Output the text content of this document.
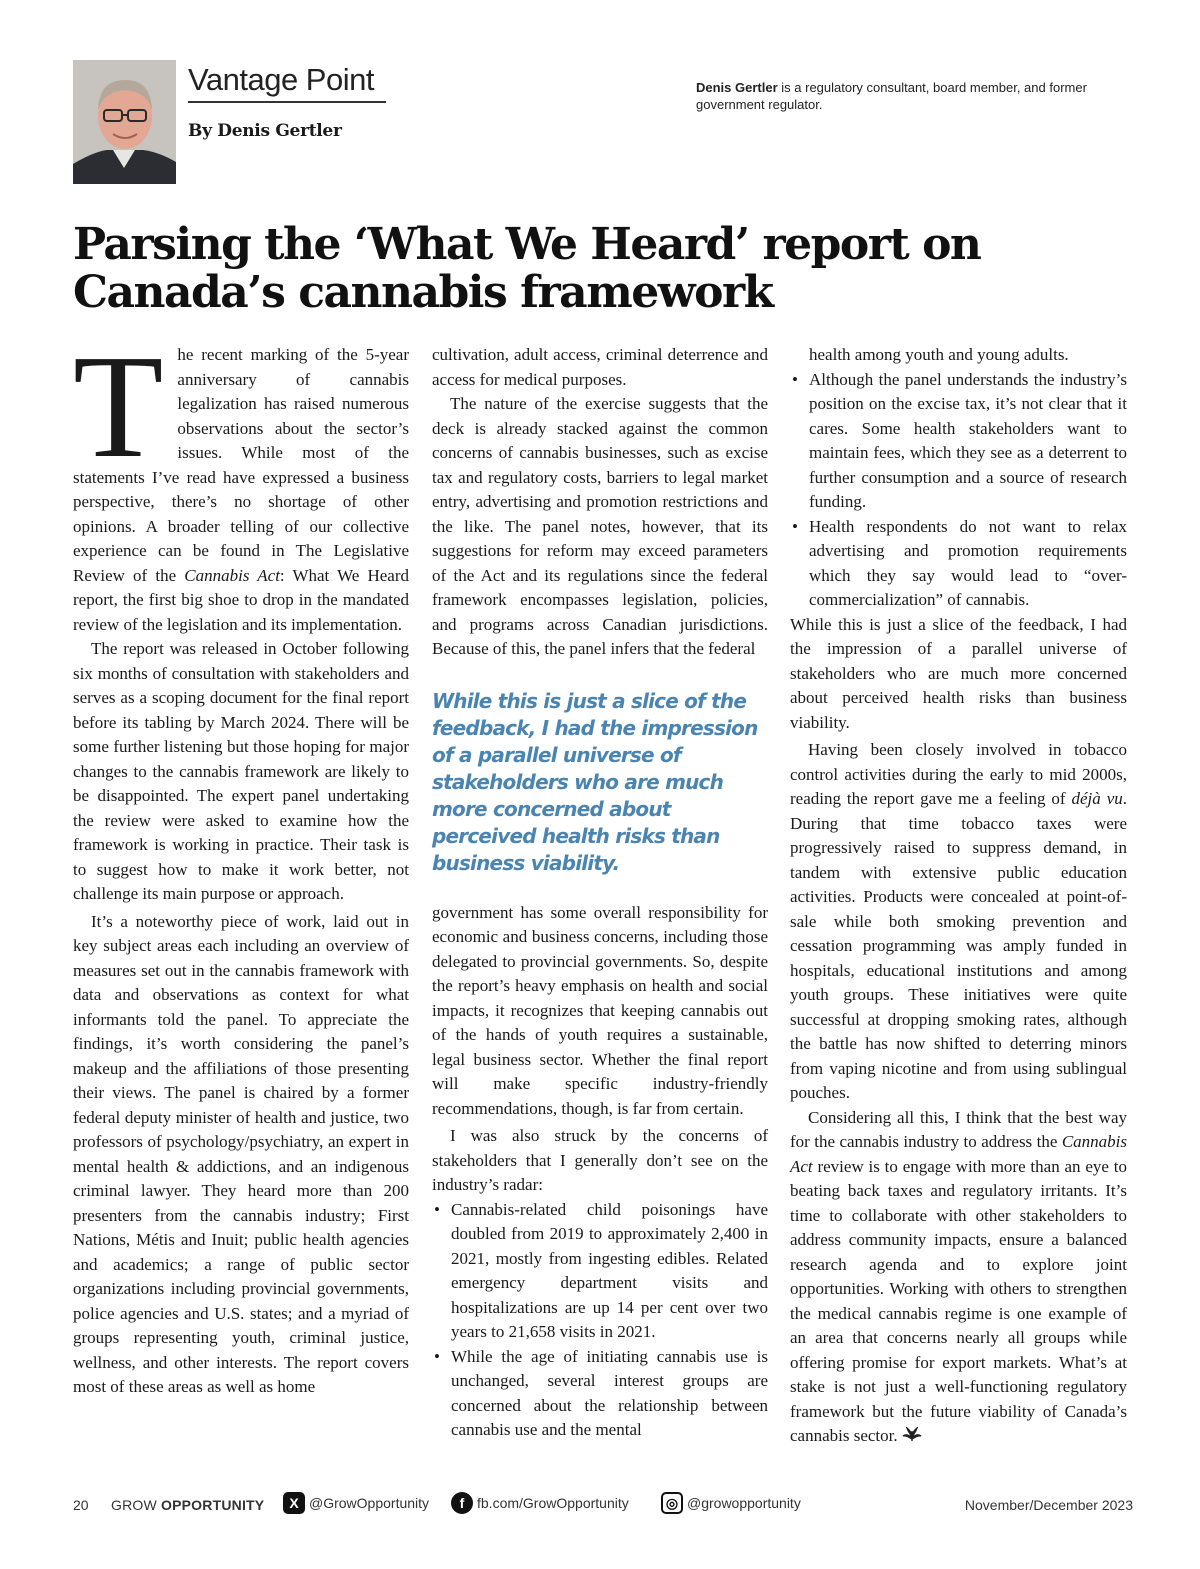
Vantage Point
By Denis Gertler
Denis Gertler is a regulatory consultant, board member, and former government regulator.
Parsing the ‘What We Heard’ report on
Canada’s cannabis framework

The recent marking of the 5-year anniversary of cannabis legalization has raised numerous observations about the sector’s issues. While most of the statements I’ve read have expressed a business perspective, there’s no shortage of other opinions. A broader telling of our collective experience can be found in The Legislative Review of the Cannabis Act: What We Heard report, the first big shoe to drop in the mandated review of the legislation and its implementation.

The report was released in October following six months of consultation with stakeholders and serves as a scoping document for the final report before its tabling by March 2024. There will be some further listening but those hoping for major changes to the cannabis framework are likely to be disappointed. The expert panel undertaking the review were asked to examine how the framework is working in practice. Their task is to suggest how to make it work better, not challenge its main purpose or approach.

It’s a noteworthy piece of work, laid out in key subject areas each including an overview of measures set out in the cannabis framework with data and observations as context for what informants told the panel. To appreciate the findings, it’s worth considering the panel’s makeup and the affiliations of those presenting their views. The panel is chaired by a former federal deputy minister of health and justice, two professors of psychology/psychiatry, an expert in mental health & addictions, and an indigenous criminal lawyer. They heard more than 200 presenters from the cannabis industry; First Nations, Métis and Inuit; public health agencies and academics; a range of public sector organizations including provincial governments, police agencies and U.S. states; and a myriad of groups representing youth, criminal justice, wellness, and other interests. The report covers most of these areas as well as home

cultivation, adult access, criminal deterrence and access for medical purposes.

The nature of the exercise suggests that the deck is already stacked against the common concerns of cannabis businesses, such as excise tax and regulatory costs, barriers to legal market entry, advertising and promotion restrictions and the like. The panel notes, however, that its suggestions for reform may exceed parameters of the Act and its regulations since the federal framework encompasses legislation, policies, and programs across Canadian jurisdictions. Because of this, the panel infers that the federal

While this is just a slice of the feedback, I had the impression of a parallel universe of stakeholders who are much more concerned about perceived health risks than business viability.

government has some overall responsibility for economic and business concerns, including those delegated to provincial governments. So, despite the report’s heavy emphasis on health and social impacts, it recognizes that keeping cannabis out of the hands of youth requires a sustainable, legal business sector. Whether the final report will make specific industry-friendly recommendations, though, is far from certain.

I was also struck by the concerns of stakeholders that I generally don’t see on the industry’s radar:

• Cannabis-related child poisonings have doubled from 2019 to approximately 2,400 in 2021, mostly from ingesting edibles. Related emergency department visits and hospitalizations are up 14 per cent over two years to 21,658 visits in 2021.
• While the age of initiating cannabis use is unchanged, several interest groups are concerned about the relationship between cannabis use and the mental
health among youth and young adults.
• Although the panel understands the industry’s position on the excise tax, it’s not clear that it cares. Some health stakeholders want to maintain fees, which they see as a deterrent to further consumption and a source of research funding.
• Health respondents do not want to relax advertising and promotion requirements which they say would lead to “over-commercialization” of cannabis.

While this is just a slice of the feedback, I had the impression of a parallel universe of stakeholders who are much more concerned about perceived health risks than business viability.

Having been closely involved in tobacco control activities during the early to mid 2000s, reading the report gave me a feeling of déjà vu. During that time tobacco taxes were progressively raised to suppress demand, in tandem with extensive public education activities. Products were concealed at point-of-sale while both smoking prevention and cessation programming was amply funded in hospitals, educational institutions and among youth groups. These initiatives were quite successful at dropping smoking rates, although the battle has now shifted to deterring minors from vaping nicotine and from using sublingual pouches.

Considering all this, I think that the best way for the cannabis industry to address the Cannabis Act review is to engage with more than an eye to beating back taxes and regulatory irritants. It’s time to collaborate with other stakeholders to address community impacts, ensure a balanced research agenda and to explore joint opportunities. Working with others to strengthen the medical cannabis regime is one example of an area that concerns nearly all groups while offering promise for export markets. What’s at stake is not just a well-functioning regulatory framework but the future viability of Canada’s cannabis sector.

20 GROW OPPORTUNITY	X @GrowOpportunity	f fb.com/GrowOpportunity	◎ @growopportunity	November/December 2023
